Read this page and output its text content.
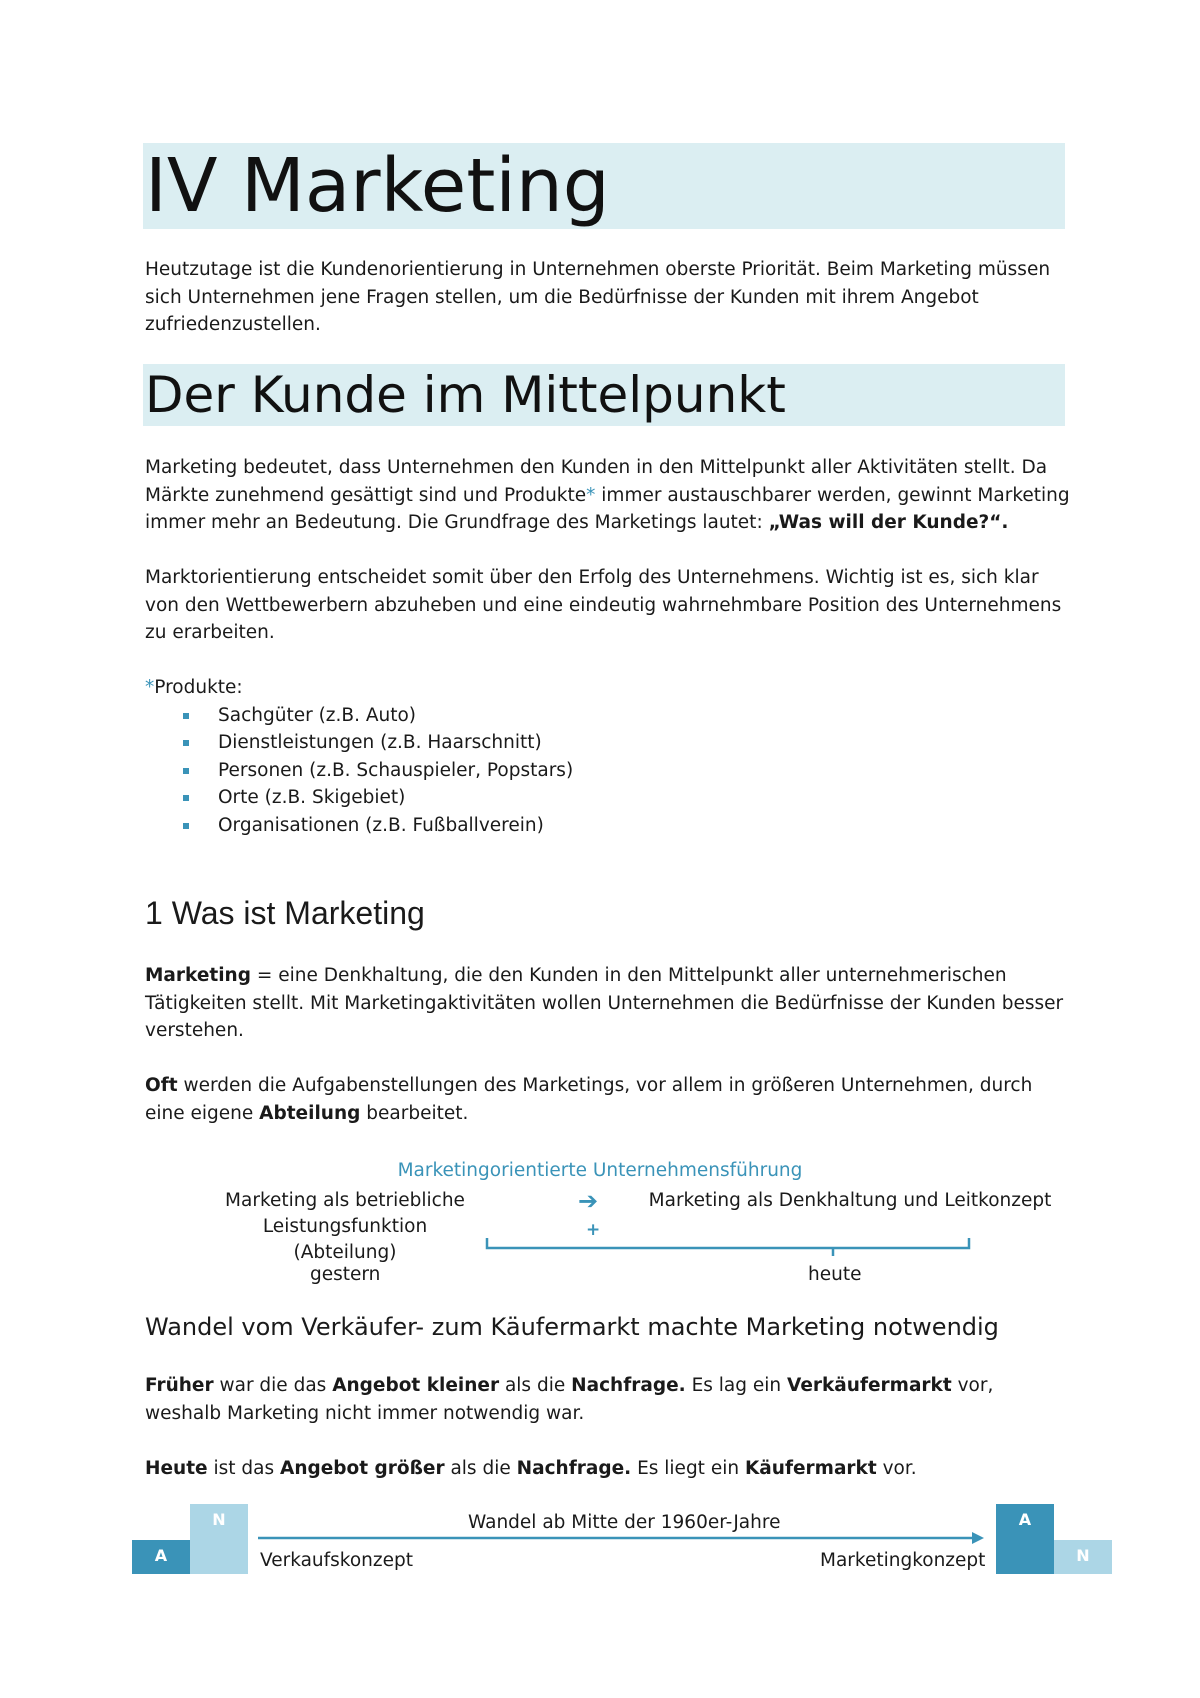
IV Marketing
Heutzutage ist die Kundenorientierung in Unternehmen oberste Priorität. Beim Marketing müssen sich Unternehmen jene Fragen stellen, um die Bedürfnisse der Kunden mit ihrem Angebot zufriedenzustellen.
Der Kunde im Mittelpunkt
Marketing bedeutet, dass Unternehmen den Kunden in den Mittelpunkt aller Aktivitäten stellt. Da Märkte zunehmend gesättigt sind und Produkte* immer austauschbarer werden, gewinnt Marketing immer mehr an Bedeutung. Die Grundfrage des Marketings lautet: „Was will der Kunde?“.
Marktorientierung entscheidet somit über den Erfolg des Unternehmens. Wichtig ist es, sich klar von den Wettbewerbern abzuheben und eine eindeutig wahrnehmbare Position des Unternehmens zu erarbeiten.

*Produkte:

Sachgüter (z.B. Auto)
Dienstleistungen (z.B. Haarschnitt)
Personen (z.B. Schauspieler, Popstars)
Orte (z.B. Skigebiet)
Organisationen (z.B. Fußballverein)
1 Was ist Marketing
Marketing = eine Denkhaltung, die den Kunden in den Mittelpunkt aller unternehmerischen Tätigkeiten stellt. Mit Marketingaktivitäten wollen Unternehmen die Bedürfnisse der Kunden besser verstehen.
Oft werden die Aufgabenstellungen des Marketings, vor allem in größeren Unternehmen, durch eine eigene Abteilung bearbeitet.
Marketingorientierte Unternehmensführung
Marketing als betriebliche Leistungsfunktion
(Abteilung)
➔	Marketing als Denkhaltung und Leitkonzept
+
gestern	heute
Wandel vom Verkäufer- zum Käufermarkt machte Marketing notwendig
Früher war die das Angebot kleiner als die Nachfrage. Es lag ein Verkäufermarkt vor, weshalb Marketing nicht immer notwendig war.
Heute ist das Angebot größer als die Nachfrage. Es liegt ein Käufermarkt vor.
N
A
Wandel ab Mitte der 1960er-Jahre
Verkaufskonzept	Marketingkonzept
A
N
